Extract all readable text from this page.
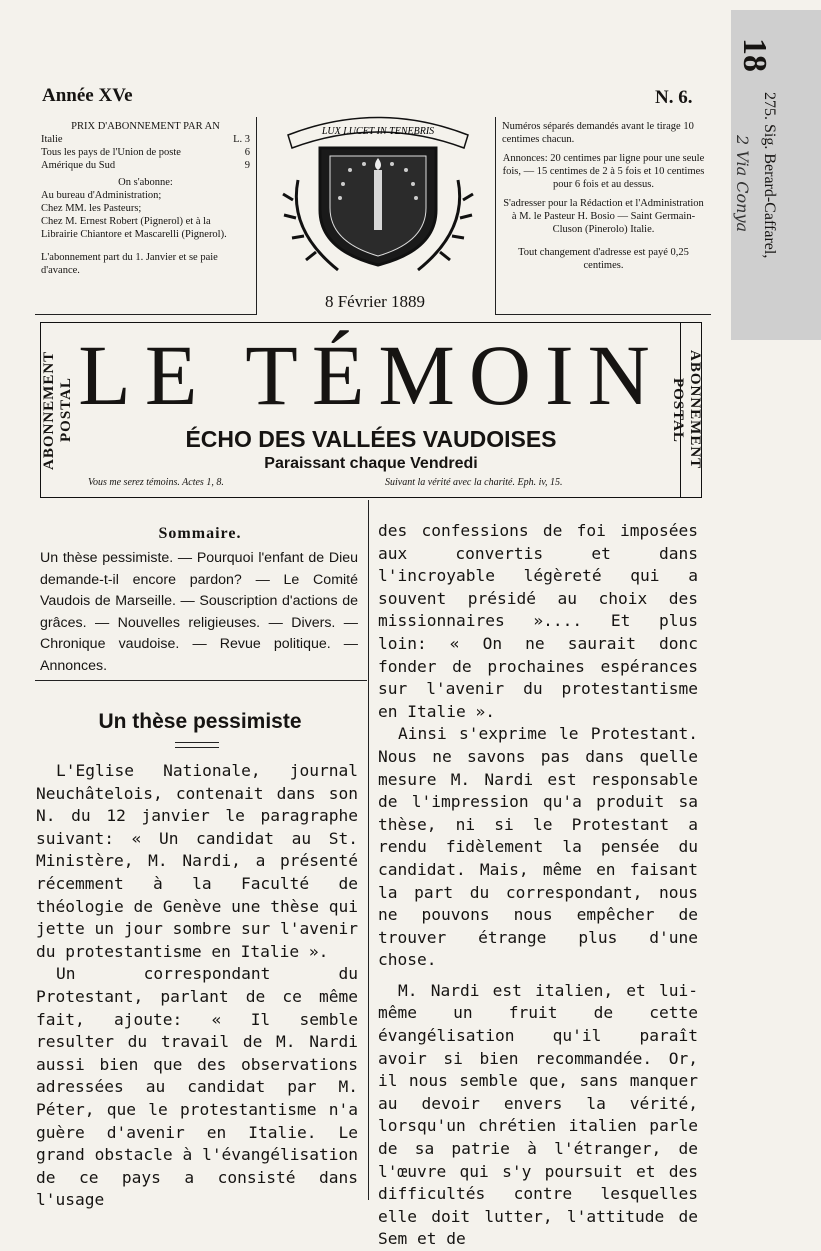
18
275. Sig. Berard-Caffarel,
2 Via Conya
Année XVe	N. 6.

PRIX D'ABONNEMENT PAR AN

Italie	L. 3

Tous les pays de l'Union de poste	6

Amérique du Sud	9

On s'abonne:

Au bureau d'Administration;

Chez MM. les Pasteurs;

Chez M. Ernest Robert (Pignerol) et à la Librairie Chiantore et Mascarelli (Pignerol).

L'abonnement part du 1. Janvier et se paie d'avance.

LUX LUCET IN TENEBRIS	Numéros séparés demandés avant le tirage 10 centimes chacun.

Annonces: 20 centimes par ligne pour une seule fois, — 15 centimes de 2 à 5 fois et 10 centimes pour 6 fois et au dessus.

S'adresser pour la Rédaction et l'Administration à M. le Pasteur H. Bosio — Saint Germain-Cluson (Pinerolo) Italie.

Tout changement d'adresse est payé 0,25 centimes.

8 Février 1889
ABONNEMENT POSTAL	ABONNEMENT POSTAL
LE TÉMOIN
ÉCHO DES VALLÉES VAUDOISES
Paraissant chaque Vendredi
Vous me serez témoins. Actes 1, 8.	Suivant la vérité avec la charité. Eph. iv, 15.
Sommaire.
Un thèse pessimiste. — Pourquoi l'enfant de Dieu demande-t-il encore pardon? — Le Comité Vaudois de Marseille. — Souscription d'actions de grâces. — Nouvelles religieuses. — Divers. — Chronique vaudoise. — Revue politique. — Annonces.
Un thèse pessimiste

L'Eglise Nationale, journal Neuchâtelois, contenait dans son N. du 12 janvier le paragraphe suivant: « Un candidat au St. Ministère, M. Nardi, a présenté récemment à la Faculté de théologie de Genève une thèse qui jette un jour sombre sur l'avenir du protestantisme en Italie ».

Un correspondant du Protestant, parlant de ce même fait, ajoute: « Il semble resulter du travail de M. Nardi aussi bien que des observations adressées au candidat par M. Péter, que le protestantisme n'a guère d'avenir en Italie. Le grand obstacle à l'évangélisation de ce pays a consisté dans l'usage

des confessions de foi imposées aux convertis et dans l'incroyable légèreté qui a souvent présidé au choix des missionnaires ».... Et plus loin: « On ne saurait donc fonder de prochaines espérances sur l'avenir du protestantisme en Italie ».

Ainsi s'exprime le Protestant. Nous ne savons pas dans quelle mesure M. Nardi est responsable de l'impression qu'a produit sa thèse, ni si le Protestant a rendu fidèlement la pensée du candidat. Mais, même en faisant la part du correspondant, nous ne pouvons nous empêcher de trouver étrange plus d'une chose.

M. Nardi est italien, et lui-même un fruit de cette évangélisation qu'il paraît avoir si bien recommandée. Or, il nous semble que, sans manquer au devoir envers la vérité, lorsqu'un chrétien italien parle de sa patrie à l'étranger, de l'œuvre qui s'y poursuit et des difficultés contre lesquelles elle doit lutter, l'attitude de Sem et de
